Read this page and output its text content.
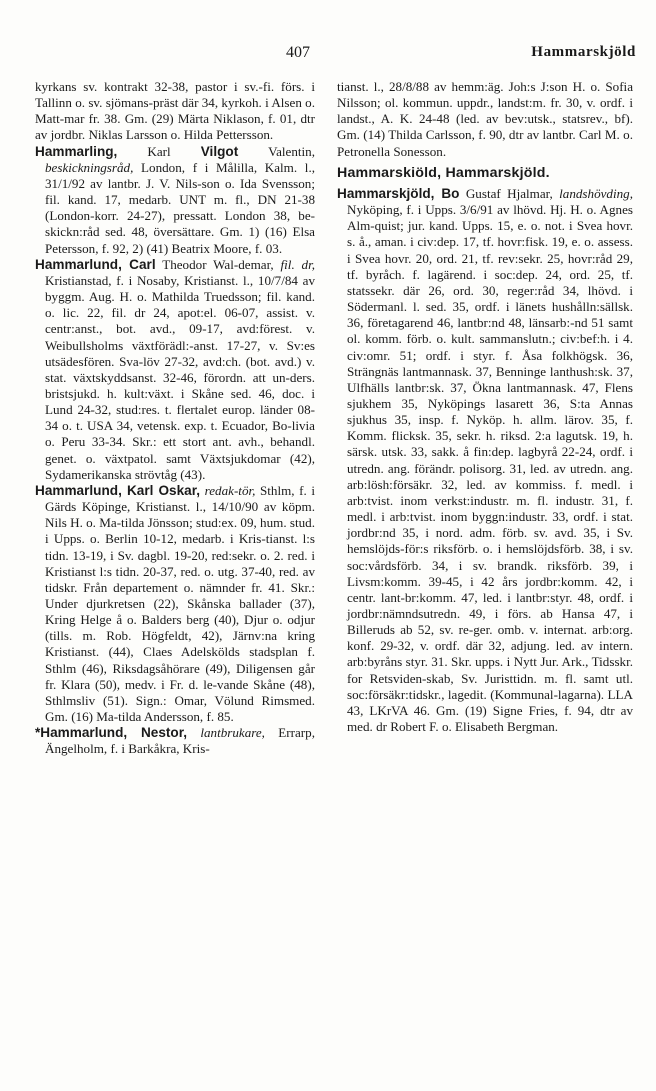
407	Hammarskjöld

kyrkans sv. kontrakt 32-38, pastor i sv.-fi. förs. i Tallinn o. sv. sjömans-präst där 34, kyrkoh. i Alsen o. Matt-mar fr. 38. Gm. (29) Märta Niklason, f. 01, dtr av jordbr. Niklas Larsson o. Hilda Pettersson.

Hammarling, Karl Vilgot Valentin, beskickningsråd, London, f i Målilla, Kalm. l., 31/1/92 av lantbr. J. V. Nils-son o. Ida Svensson; fil. kand. 17, medarb. UNT m. fl., DN 21-38 (London-korr. 24-27), pressatt. London 38, be-skickn:råd sed. 48, översättare. Gm. 1) (16) Elsa Petersson, f. 92, 2) (41) Beatrix Moore, f. 03.

Hammarlund, Carl Theodor Wal-demar, fil. dr, Kristianstad, f. i Nosaby, Kristianst. l., 10/7/84 av byggm. Aug. H. o. Mathilda Truedsson; fil. kand. o. lic. 22, fil. dr 24, apot:el. 06-07, assist. v. centr:anst., bot. avd., 09-17, avd:förest. v. Weibullsholms växtförädl:-anst. 17-27, v. Sv:es utsädesfören. Sva-löv 27-32, avd:ch. (bot. avd.) v. stat. växtskyddsanst. 32-46, förordn. att un-ders. bristsjukd. h. kult:växt. i Skåne sed. 46, doc. i Lund 24-32, stud:res. t. flertalet europ. länder 08-34 o. t. USA 34, vetensk. exp. t. Ecuador, Bo-livia o. Peru 33-34. Skr.: ett stort ant. avh., behandl. genet. o. växtpatol. samt Växtsjukdomar (42), Sydamerikanska strövtåg (43).

Hammarlund, Karl Oskar, redak-tör, Sthlm, f. i Gärds Köpinge, Kristianst. l., 14/10/90 av köpm. Nils H. o. Ma-tilda Jönsson; stud:ex. 09, hum. stud. i Upps. o. Berlin 10-12, medarb. i Kris-tianst. l:s tidn. 13-19, i Sv. dagbl. 19-20, red:sekr. o. 2. red. i Kristianst l:s tidn. 20-37, red. o. utg. 37-40, red. av tidskr. Från departement o. nämnder fr. 41. Skr.: Under djurkretsen (22), Skånska ballader (37), Kring Helge å o. Balders berg (40), Djur o. odjur (tills. m. Rob. Högfeldt, 42), Järnv:na kring Kristianst. (44), Claes Adelskölds stadsplan f. Sthlm (46), Riksdagsåhörare (49), Diligensen går fr. Klara (50), medv. i Fr. d. le-vande Skåne (48), Sthlmsliv (51). Sign.: Omar, Völund Rimsmed. Gm. (16) Ma-tilda Andersson, f. 85.

*Hammarlund, Nestor, lantbrukare, Errarp, Ängelholm, f. i Barkåkra, Kris-

tianst. l., 28/8/88 av hemm:äg. Joh:s J:son H. o. Sofia Nilsson; ol. kommun. uppdr., landst:m. fr. 30, v. ordf. i landst., A. K. 24-48 (led. av bev:utsk., statsrev., bf). Gm. (14) Thilda Carlsson, f. 90, dtr av lantbr. Carl M. o. Petronella Sonesson.

Hammarskiöld, Hammarskjöld.

Hammarskjöld, Bo Gustaf Hjalmar, landshövding, Nyköping, f. i Upps. 3/6/91 av lhövd. Hj. H. o. Agnes Alm-quist; jur. kand. Upps. 15, e. o. not. i Svea hovr. s. å., aman. i civ:dep. 17, tf. hovr:fisk. 19, e. o. assess. i Svea hovr. 20, ord. 21, tf. rev:sekr. 25, hovr:råd 29, tf. byråch. f. lagärend. i soc:dep. 24, ord. 25, tf. statssekr. där 26, ord. 30, reger:råd 34, lhövd. i Södermanl. l. sed. 35, ordf. i länets hushålln:sällsk. 36, företagarend 46, lantbr:nd 48, länsarb:-nd 51 samt ol. komm. förb. o. kult. sammanslutn.; civ:bef:h. i 4. civ:omr. 51; ordf. i styr. f. Åsa folkhögsk. 36, Strängnäs lantmannask. 37, Benninge lanthush:sk. 37, Ulfhälls lantbr:sk. 37, Ökna lantmannask. 47, Flens sjukhem 35, Nyköpings lasarett 36, S:ta Annas sjukhus 35, insp. f. Nyköp. h. allm. lärov. 35, f. Komm. flicksk. 35, sekr. h. riksd. 2:a lagutsk. 19, h. särsk. utsk. 33, sakk. å fin:dep. lagbyrå 22-24, ordf. i utredn. ang. förändr. polisorg. 31, led. av utredn. ang. arb:lösh:försäkr. 32, led. av kommiss. f. medl. i arb:tvist. inom verkst:industr. m. fl. industr. 31, f. medl. i arb:tvist. inom byggn:industr. 33, ordf. i stat. jordbr:nd 35, i nord. adm. förb. sv. avd. 35, i Sv. hemslöjds-för:s riksförb. o. i hemslöjdsförb. 38, i sv. soc:vårdsförb. 34, i sv. brandk. riksförb. 39, i Livsm:komm. 39-45, i 42 års jordbr:komm. 42, i centr. lant-br:komm. 47, led. i lantbr:styr. 48, ordf. i jordbr:nämndsutredn. 49, i förs. ab Hansa 47, i Billeruds ab 52, sv. re-ger. omb. v. internat. arb:org. konf. 29-32, v. ordf. där 32, adjung. led. av intern. arb:byråns styr. 31. Skr. upps. i Nytt Jur. Ark., Tidsskr. for Retsviden-skab, Sv. Juristtidn. m. fl. samt utl. soc:försäkr:tidskr., lagedit. (Kommunal-lagarna). LLA 43, LKrVA 46. Gm. (19) Signe Fries, f. 94, dtr av med. dr Robert F. o. Elisabeth Bergman.
